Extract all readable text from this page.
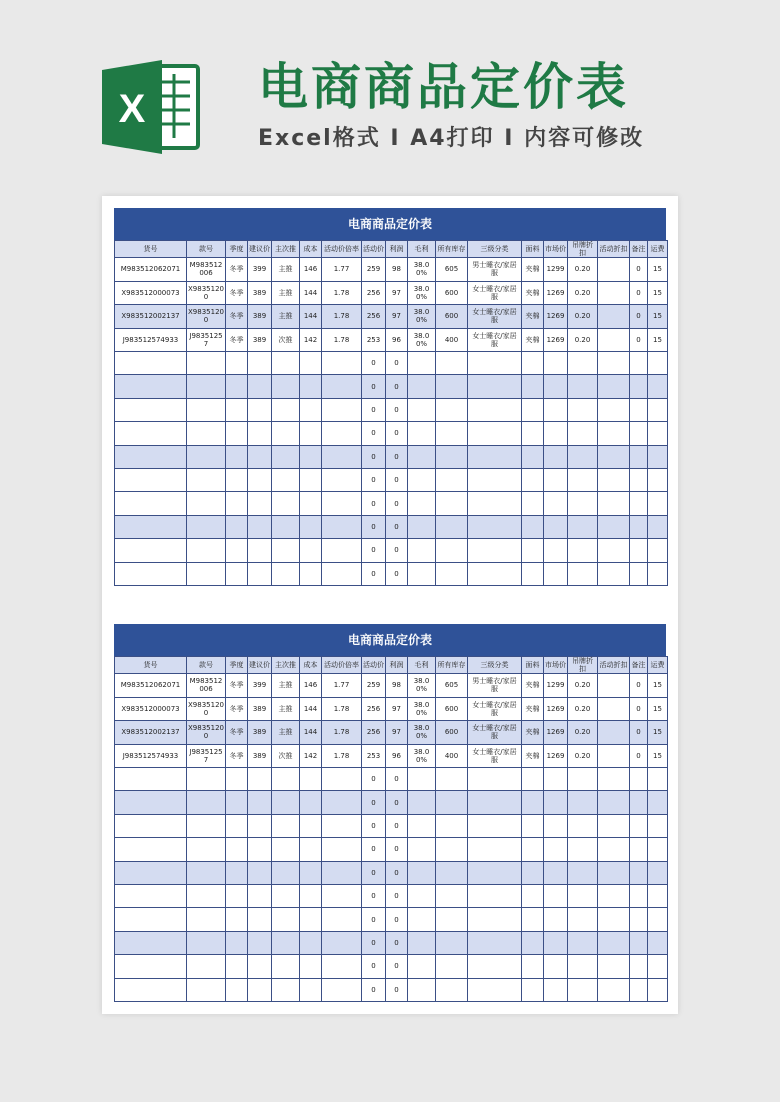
X 电商商品定价表
Excel格式 I A4打印 I 内容可修改
电商商品定价表
货号	款号	季度	建议价	主次推	成本	活动价倍率	活动价	利润	毛利	所有库存	三级分类	面料	市场价	吊牌折扣	活动折扣	备注	运费
M983512062071	M983512006	冬季	399	主推	146	1.77	259	98	38.00%	605	男士睡衣/家居服	夹棉	1299	0.20		0	15
X983512000073	X98351200	冬季	389	主推	144	1.78	256	97	38.00%	600	女士睡衣/家居服	夹棉	1269	0.20		0	15
X983512002137	X98351200	冬季	389	主推	144	1.78	256	97	38.00%	600	女士睡衣/家居服	夹棉	1269	0.20		0	15
J983512574933	J98351257	冬季	389	次推	142	1.78	253	96	38.00%	400	女士睡衣/家居服	夹棉	1269	0.20		0	15
							0	0									
							0	0									
							0	0									
							0	0									
							0	0									
							0	0									
							0	0									
							0	0									
							0	0									
							0	0									
电商商品定价表
货号	款号	季度	建议价	主次推	成本	活动价倍率	活动价	利润	毛利	所有库存	三级分类	面料	市场价	吊牌折扣	活动折扣	备注	运费
M983512062071	M983512006	冬季	399	主推	146	1.77	259	98	38.00%	605	男士睡衣/家居服	夹棉	1299	0.20		0	15
X983512000073	X98351200	冬季	389	主推	144	1.78	256	97	38.00%	600	女士睡衣/家居服	夹棉	1269	0.20		0	15
X983512002137	X98351200	冬季	389	主推	144	1.78	256	97	38.00%	600	女士睡衣/家居服	夹棉	1269	0.20		0	15
J983512574933	J98351257	冬季	389	次推	142	1.78	253	96	38.00%	400	女士睡衣/家居服	夹棉	1269	0.20		0	15
							0	0									
							0	0									
							0	0									
							0	0									
							0	0									
							0	0									
							0	0									
							0	0									
							0	0									
							0	0									
